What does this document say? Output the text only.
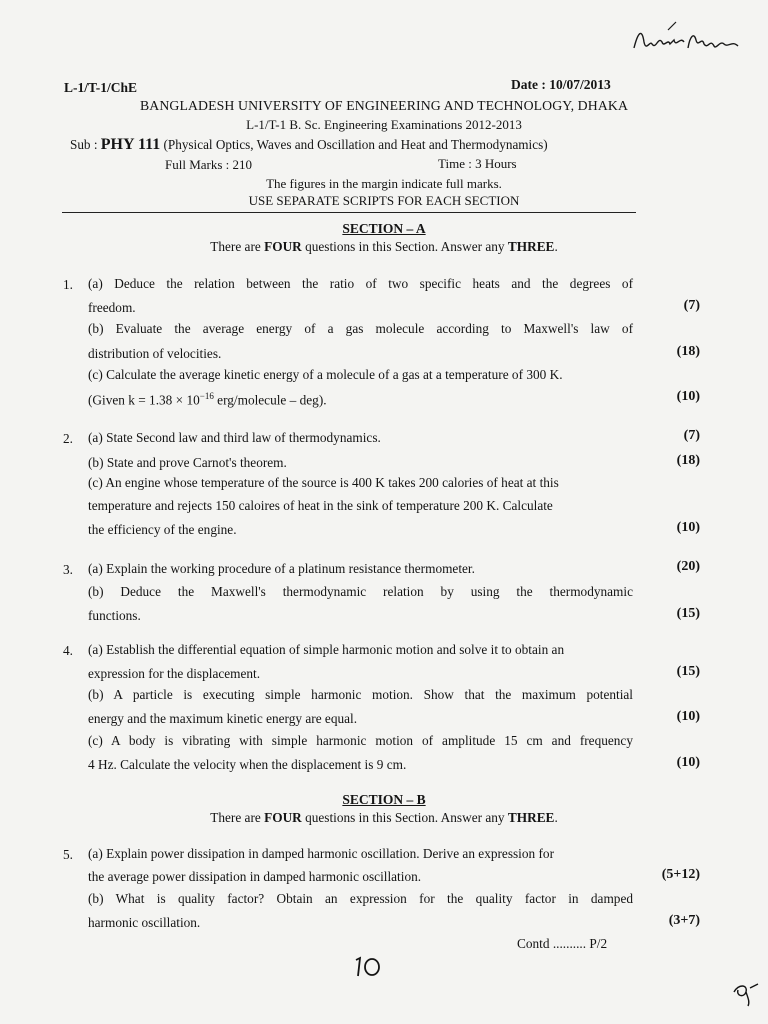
L-1/T-1/ChE	Date : 10/07/2013
BANGLADESH UNIVERSITY OF ENGINEERING AND TECHNOLOGY, DHAKA
L-1/T-1 B. Sc. Engineering Examinations 2012-2013
Sub : PHY 111 (Physical Optics, Waves and Oscillation and Heat and Thermodynamics)
Full Marks : 210	Time : 3 Hours
The figures in the margin indicate full marks.
USE SEPARATE SCRIPTS FOR EACH SECTION
SECTION – A
There are FOUR questions in this Section. Answer any THREE.
1. (a) Deduce the relation between the ratio of two specific heats and the degrees of
freedom.	(7)
(b) Evaluate the average energy of a gas molecule according to Maxwell's law of
distribution of velocities.	(18)
(c) Calculate the average kinetic energy of a molecule of a gas at a temperature of 300 K.
(Given $k = 1.38 \times 10^{-16}$ erg/molecule – deg).	(10)
2. (a) State Second law and third law of thermodynamics.	(7)
(b) State and prove Carnot's theorem.	(18)
(c) An engine whose temperature of the source is 400 K takes 200 calories of heat at this
temperature and rejects 150 caloires of heat in the sink of temperature 200 K. Calculate
the efficiency of the engine.	(10)
3. (a) Explain the working procedure of a platinum resistance thermometer.	(20)
(b) Deduce the Maxwell's thermodynamic relation by using the thermodynamic
functions.	(15)
4. (a) Establish the differential equation of simple harmonic motion and solve it to obtain an
expression for the displacement.	(15)
(b) A particle is executing simple harmonic motion. Show that the maximum potential
energy and the maximum kinetic energy are equal.	(10)
(c) A body is vibrating with simple harmonic motion of amplitude 15 cm and frequency
4 Hz. Calculate the velocity when the displacement is 9 cm.	(10)
SECTION – B
There are FOUR questions in this Section. Answer any THREE.
5. (a) Explain power dissipation in damped harmonic oscillation. Derive an expression for
the average power dissipation in damped harmonic oscillation.	(5+12)
(b) What is quality factor? Obtain an expression for the quality factor in damped
harmonic oscillation.	(3+7)
Contd .......... P/2
